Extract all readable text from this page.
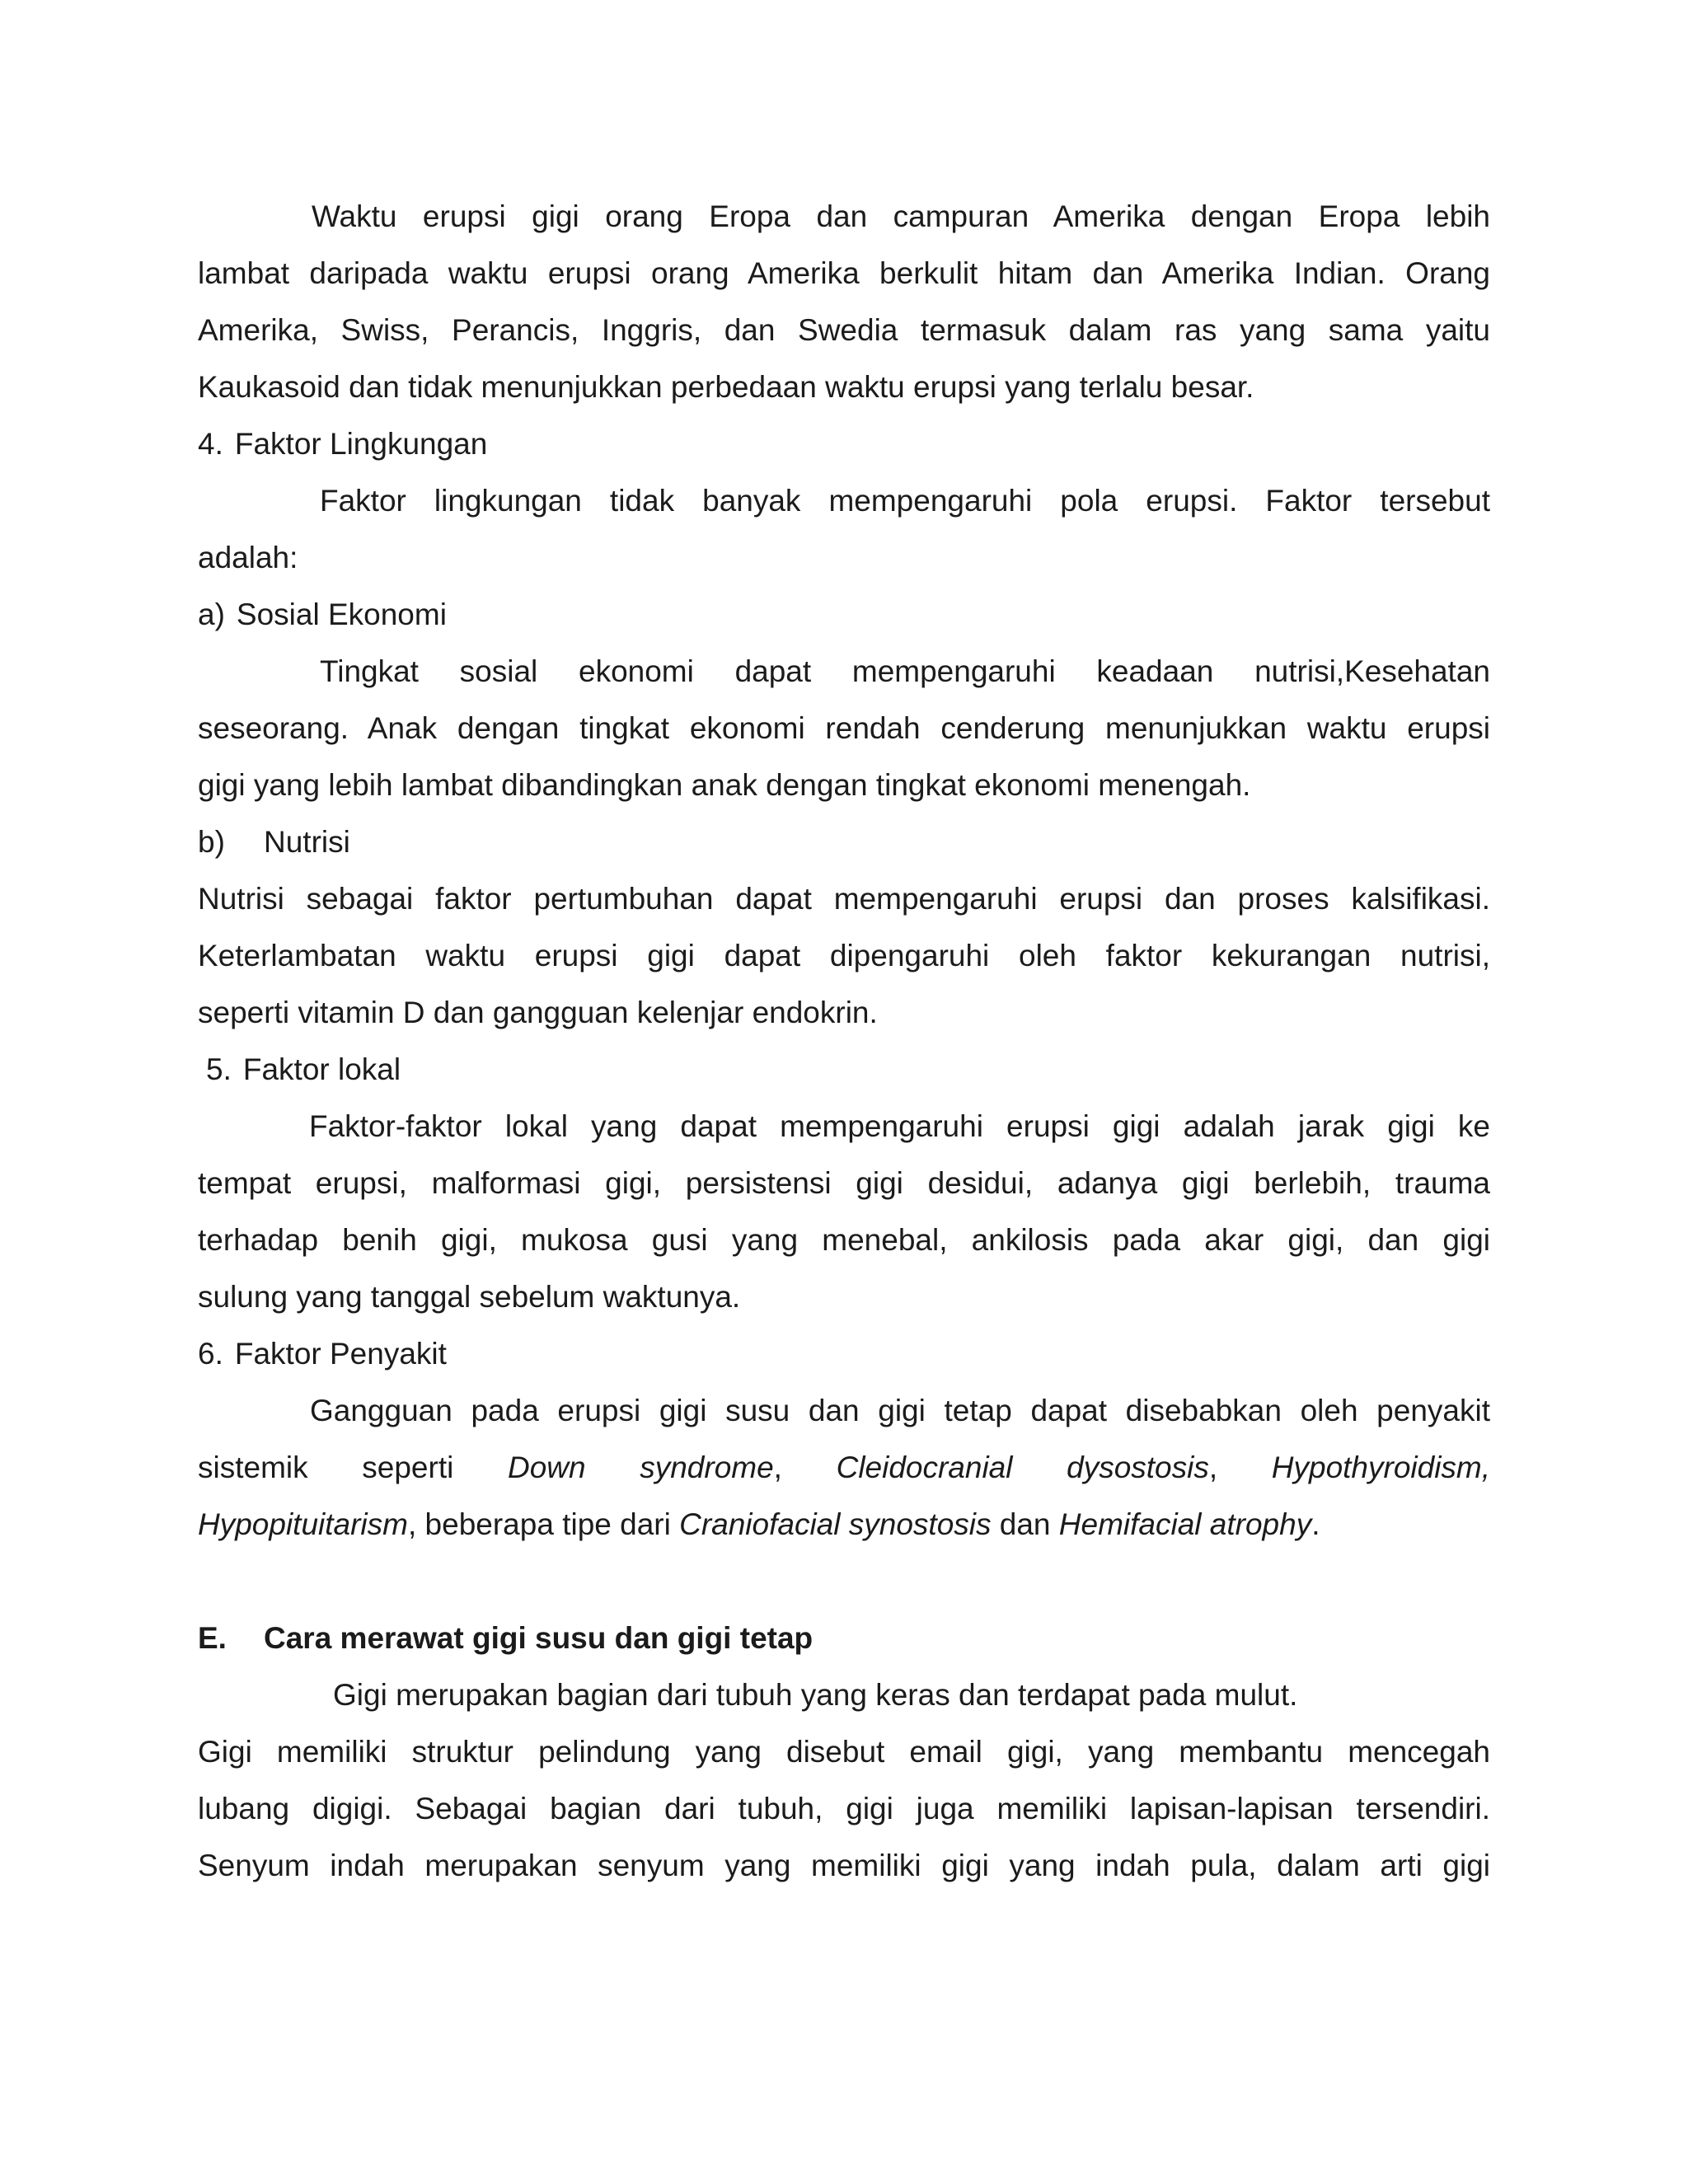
Waktu erupsi gigi orang Eropa dan campuran Amerika dengan Eropa lebih
lambat daripada waktu erupsi orang Amerika berkulit hitam dan Amerika Indian. Orang
Amerika, Swiss, Perancis, Inggris, dan Swedia termasuk dalam ras yang sama yaitu
Kaukasoid dan tidak menunjukkan perbedaan waktu erupsi yang terlalu besar.
4. Faktor Lingkungan
Faktor lingkungan tidak banyak mempengaruhi pola erupsi. Faktor tersebut
adalah:
a) Sosial Ekonomi
Tingkat sosial ekonomi dapat mempengaruhi keadaan nutrisi,Kesehatan
seseorang. Anak dengan tingkat ekonomi rendah cenderung menunjukkan waktu erupsi
gigi yang lebih lambat dibandingkan anak dengan tingkat ekonomi menengah.
b) Nutrisi
Nutrisi sebagai faktor pertumbuhan dapat mempengaruhi erupsi dan proses kalsifikasi.
Keterlambatan waktu erupsi gigi dapat dipengaruhi oleh faktor kekurangan nutrisi,
seperti vitamin D dan gangguan kelenjar endokrin.
5. Faktor lokal
Faktor-faktor lokal yang dapat mempengaruhi erupsi gigi adalah jarak gigi ke
tempat erupsi, malformasi gigi, persistensi gigi desidui, adanya gigi berlebih, trauma
terhadap benih gigi, mukosa gusi yang menebal, ankilosis pada akar gigi, dan gigi
sulung yang tanggal sebelum waktunya.
6. Faktor Penyakit
Gangguan pada erupsi gigi susu dan gigi tetap dapat disebabkan oleh penyakit
sistemik seperti Down syndrome, Cleidocranial dysostosis, Hypothyroidism,
Hypopituitarism, beberapa tipe dari Craniofacial synostosis dan Hemifacial atrophy.
E. Cara merawat gigi susu dan gigi tetap
Gigi merupakan bagian dari tubuh yang keras dan terdapat pada mulut.
Gigi memiliki struktur pelindung yang disebut email gigi, yang membantu mencegah
lubang digigi. Sebagai bagian dari tubuh, gigi juga memiliki lapisan-lapisan tersendiri.
Senyum indah merupakan senyum yang memiliki gigi yang indah pula, dalam arti gigi
